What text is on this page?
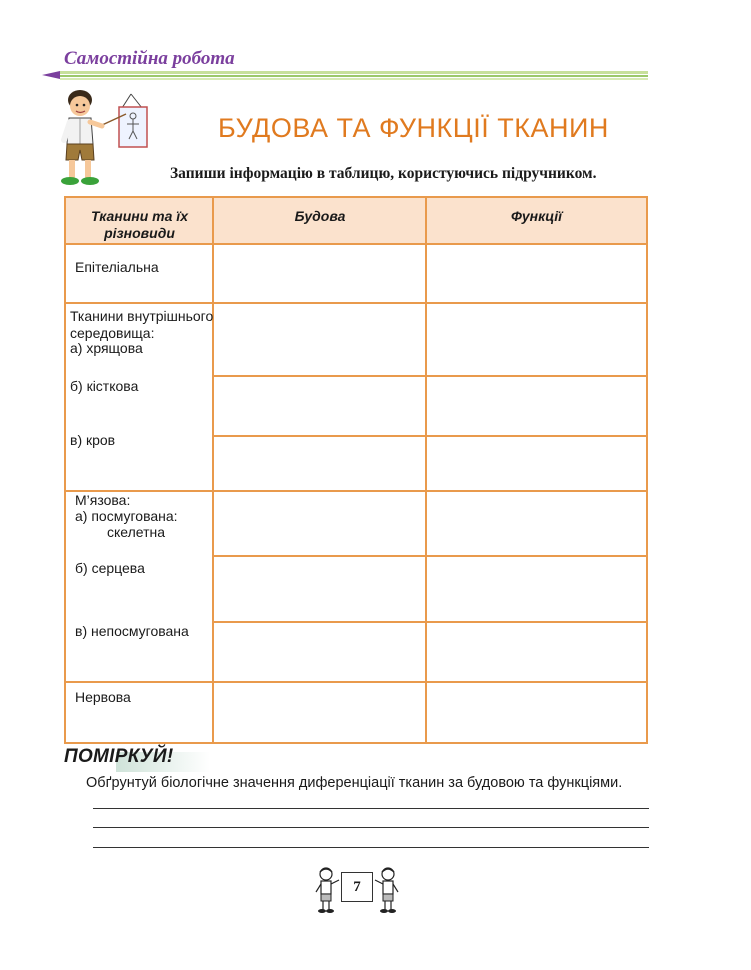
Самостійна робота
БУДОВА ТА ФУНКЦІЇ ТКАНИН
Запиши інформацію в таблицю, користуючись підручником.
Тканини та їх
різновиди
Будова	Функції
Епітеліальна
Тканини внутрішнього
середовища:
а) хрящова
б) кісткова
в) кров
М’язова:
а) посмугована:
скелетна
б) серцева
в) непосмугована
Нервова
ПОМІРКУЙ!
Обґрунтуй біологічне значення диференціації тканин за будовою та функціями.
7
